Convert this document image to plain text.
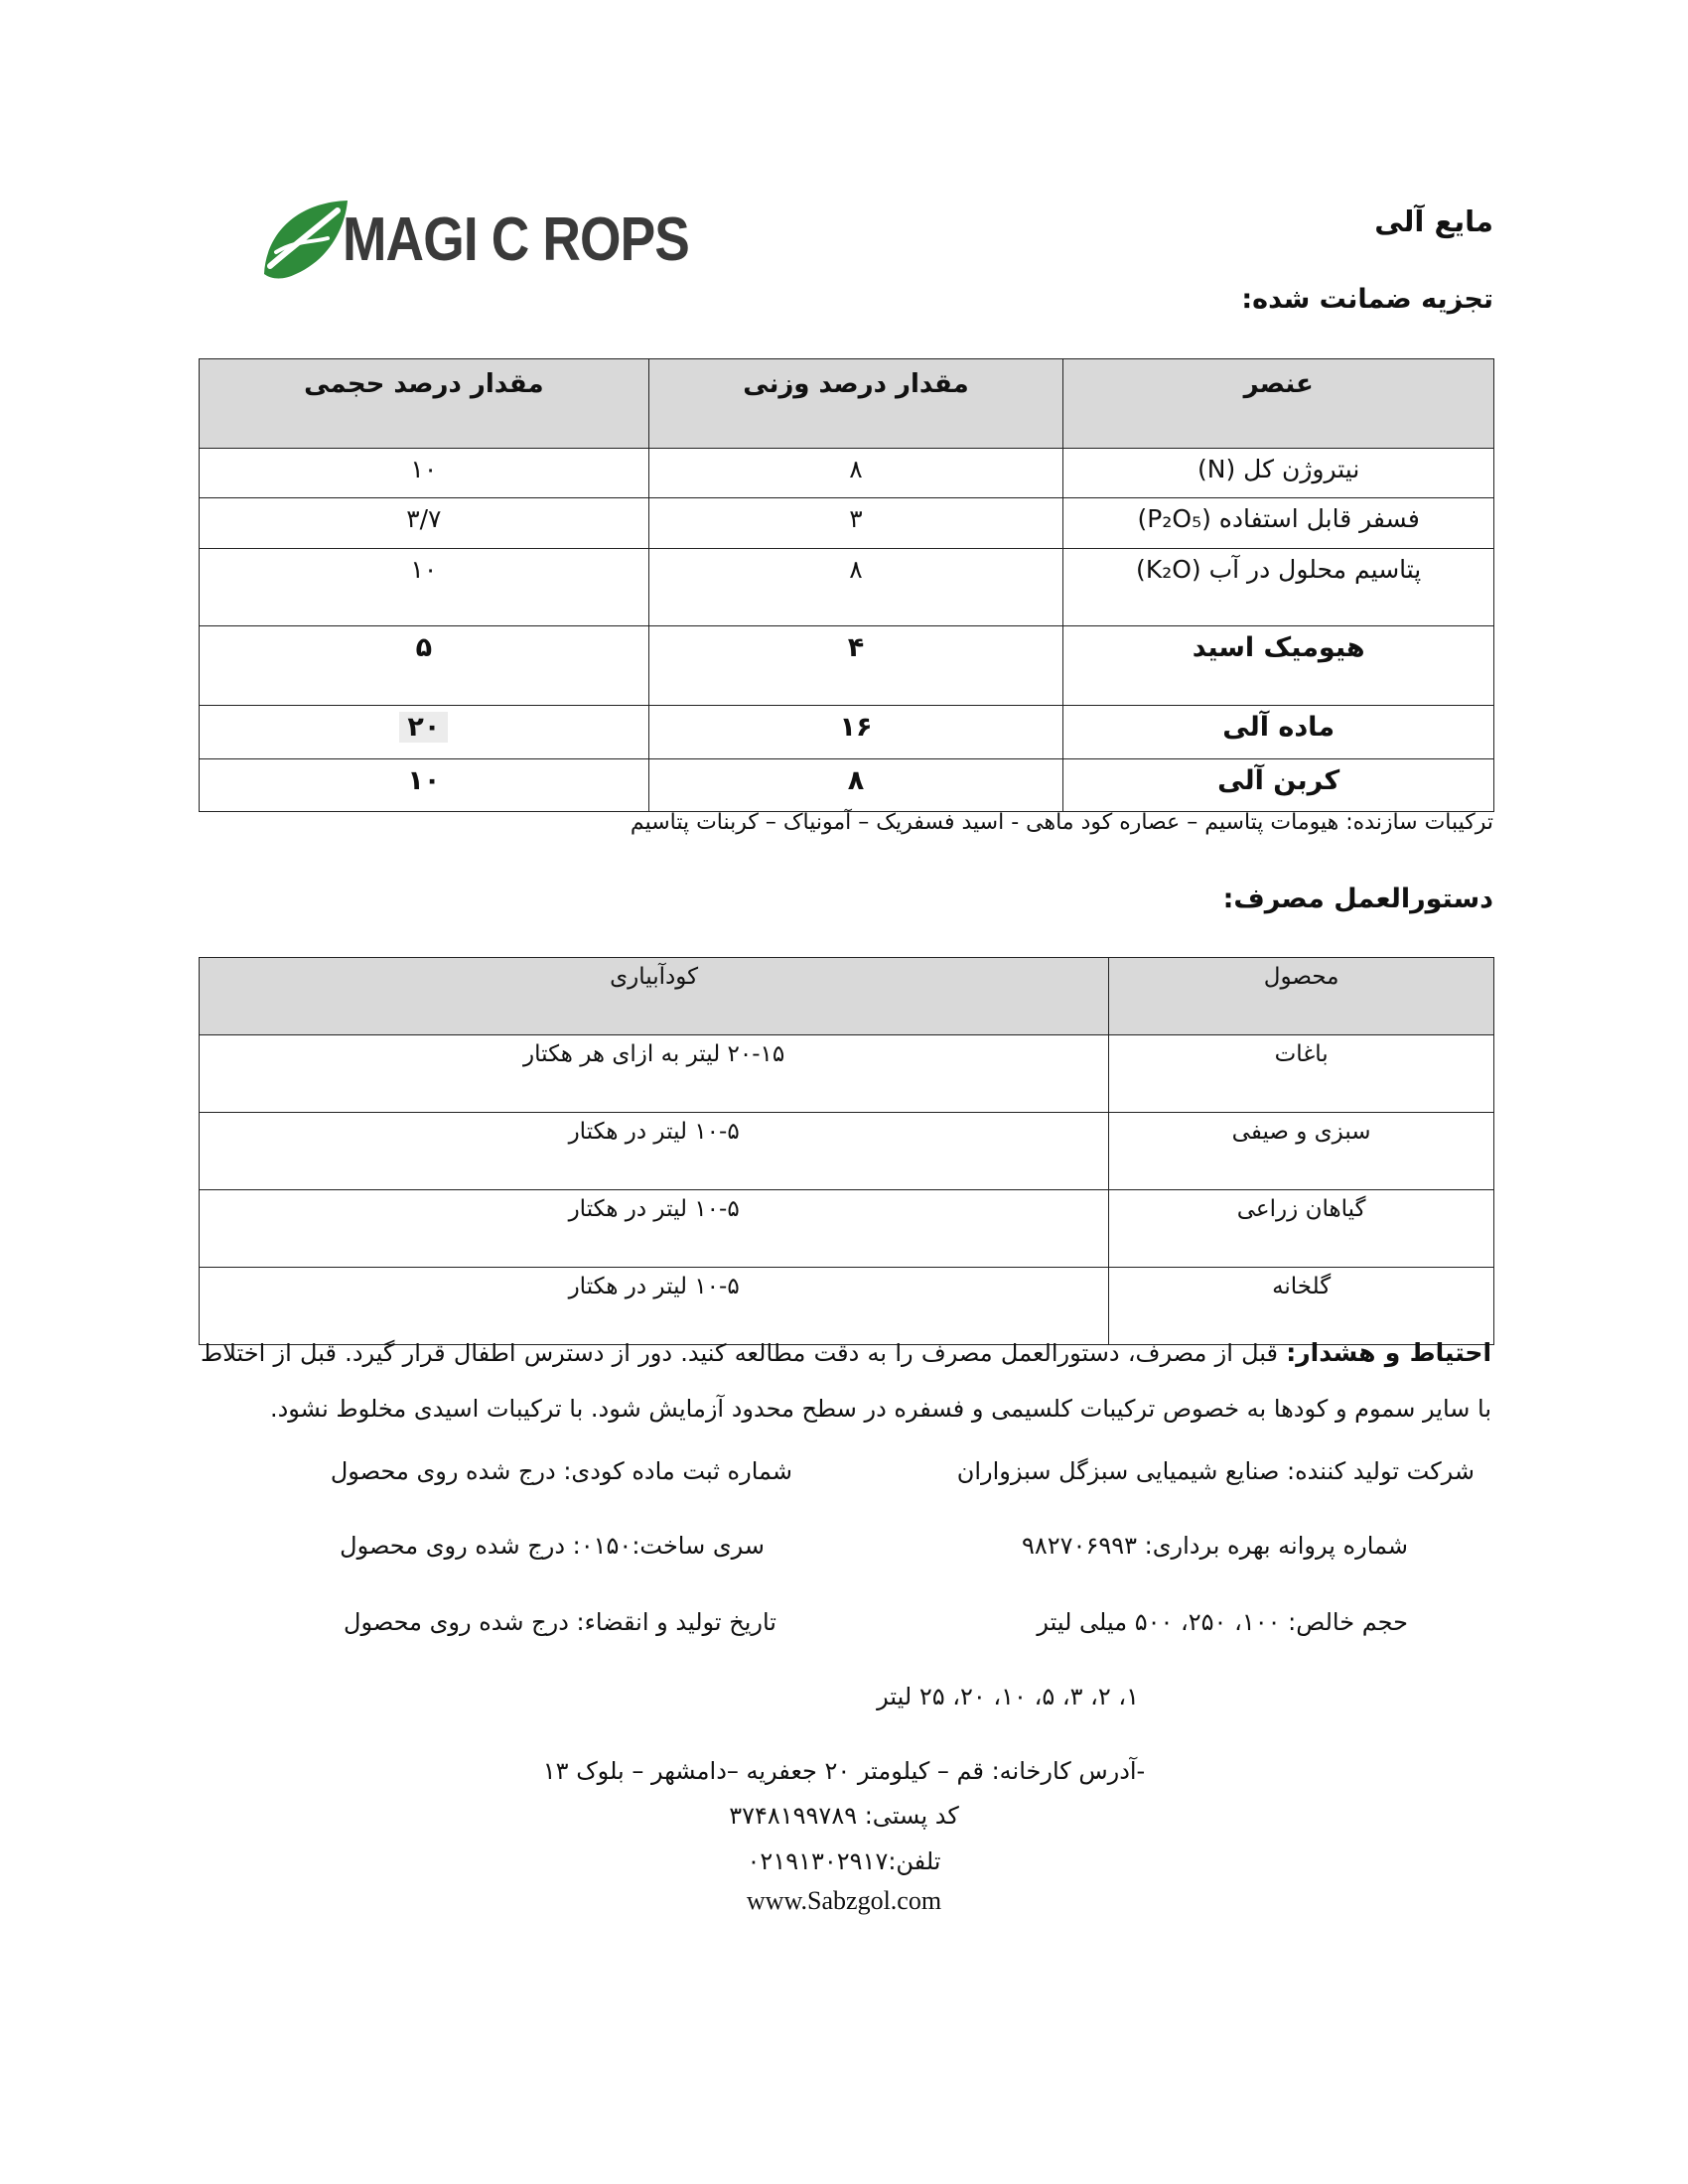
MAGI C ROPS	مایع آلی
تجزیه ضمانت شده:
عنصر	مقدار درصد وزنی	مقدار درصد حجمی
نیتروژن کل (N)	۸	۱۰
فسفر قابل استفاده (P₂O₅)	۳	۳/۷
پتاسیم محلول در آب (K₂O)	۸	۱۰
هیومیک اسید	۴	۵
ماده آلی	۱۶	۲۰
کربن آلی	۸	۱۰
ترکیبات سازنده: هیومات پتاسیم – عصاره کود ماهی - اسید فسفریک – آمونیاک – کربنات پتاسیم
دستورالعمل مصرف:
محصول	کودآبیاری
باغات	۲۰-۱۵ لیتر به ازای هر هکتار
سبزی و صیفی	۱۰-۵ لیتر در هکتار
گیاهان زراعی	۱۰-۵ لیتر در هکتار
گلخانه	۱۰-۵ لیتر در هکتار
احتیاط و هشدار: قبل از مصرف، دستورالعمل مصرف را به دقت مطالعه کنید. دور از دسترس اطفال قرار گیرد. قبل از اختلاط با سایر سموم و کودها به خصوص ترکیبات کلسیمی و فسفره در سطح محدود آزمایش شود. با ترکیبات اسیدی مخلوط نشود.
شرکت تولید کننده: صنایع شیمیایی سبزگل سبزواران
شماره ثبت ماده کودی: درج شده روی محصول
شماره پروانه بهره برداری: ۹۸۲۷۰۶۹۹۳
سری ساخت:۰۱۵۰: درج شده روی محصول
حجم خالص: ۱۰۰، ۲۵۰، ۵۰۰ میلی لیتر
تاریخ تولید و انقضاء: درج شده روی محصول
۱، ۲، ۳، ۵، ۱۰، ۲۰، ۲۵ لیتر
-آدرس کارخانه: قم – کیلومتر ۲۰ جعفریه –دامشهر – بلوک ۱۳
کد پستی: ۳۷۴۸۱۹۹۷۸۹
تلفن:۰۲۱۹۱۳۰۲۹۱۷
www.Sabzgol.com
